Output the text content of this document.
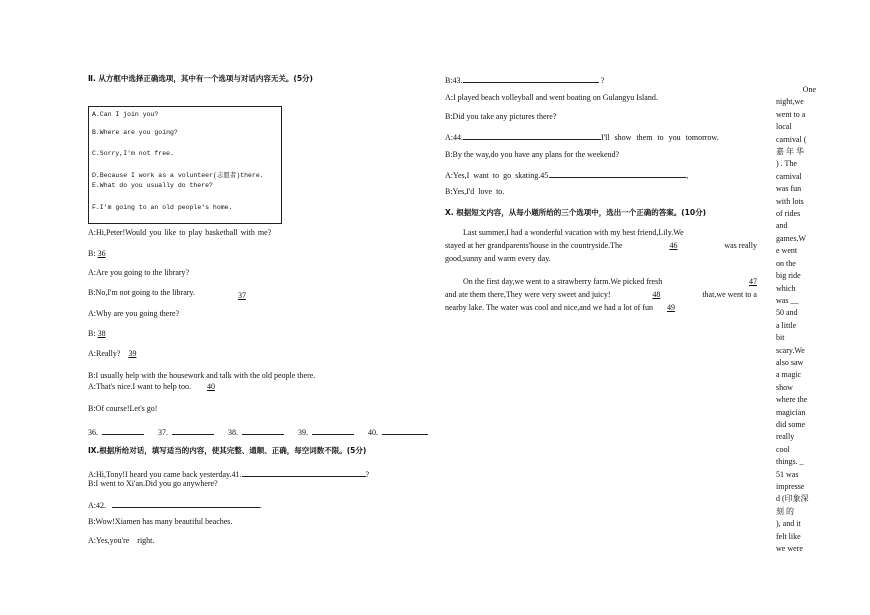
Ⅱ. 从方框中选择正确选项，其中有一个选项与对话内容无关。(5分)
A.Can I join you?
B.Where are you going?
C.Sorry,I'm not free.
D.Because I work as a volunteer(志愿者)there.
E.What do you usually do there?
F.I'm going to an old people's home.
A:Hi,Peter!Would you like to play basketball with me?
B: 36
A:Are you going to the library?
B:No,I'm not going to the library.	37
A:Why are you going there?
B: 38
A:Really? 39
B:I usually help with the housework and talk with the old people there.
A:That's nice.I want to help too. 40
B:Of course!Let's go!
36.	37.	38.	39.	40.
Ⅸ.根据所给对话，填写适当的内容，使其完整、通顺、正确，每空词数不限。(5分)
A:Hi,Tony!I heard you came back yesterday.41.	?
B:I went to Xi'an.Did you go anywhere?
A:42.	.
B:Wow!Xiamen has many beautiful beaches.
A:Yes,you're right.
B:43.	?
A:I played beach volleyball and went boating on Gulangyu Island.
B:Did you take any pictures there?
A:44.	I'll show them to you tomorrow.
B:By the way,do you have any plans for the weekend?
A:Yes,I want to go skating.45.	,
B:Yes,I'd love to.
Ⅹ. 根据短文内容，从每小题所给的三个选项中，选出一个正确的答案。(10分)
Last summer,I had a wonderful vacation with my best friend,Lily.We
stayed at her grandparents'house in the countryside.The	46	was really
good,sunny and warm every day.
On the first day,we went to a strawberry farm.We picked fresh	47
and ate them there,They were very sweet and juicy!	48	that,we went to a
nearby lake. The water was cool and nice,and we had a lot of fun 49
One
night,we
went to a
local
carnival (
嘉 年 华
) . The
carnival
was fun
with lots
of rides
and
games.W
e went
on the
big ride
which
was __
50 and
a little
bit
scary.We
also saw
a magic
show
where the
magician
did some
really
cool
things. _
51 was
impresse
d (印象深
刻 的
), and it
felt like
we were
